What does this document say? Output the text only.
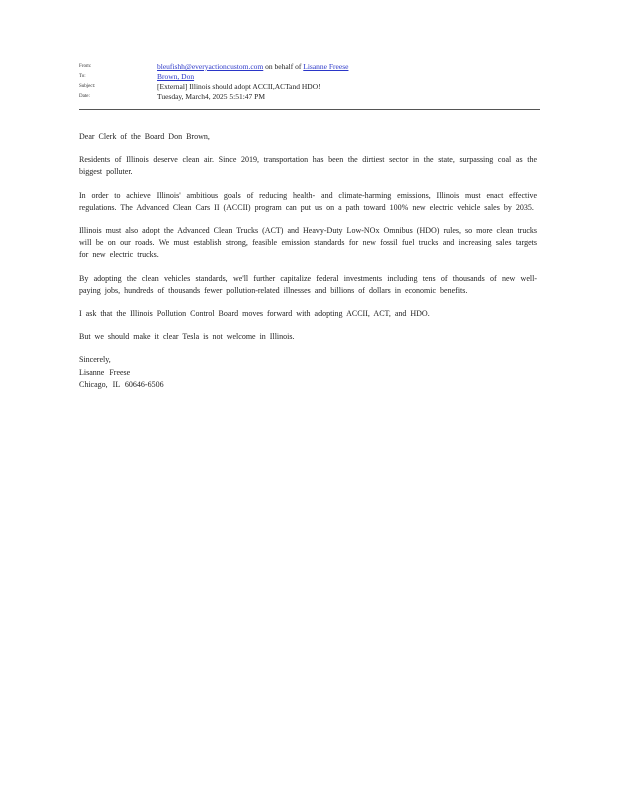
From:	bleufishh@everyactioncustom.com on behalf of Lisanne Freese
To:	Brown, Don
Subject:	[External] Illinois should adopt ACCII,ACTand HDO!
Date:	Tuesday, March4, 2025 5:51:47 PM

Dear Clerk of the Board Don Brown,

Residents of Illinois deserve clean air. Since 2019, transportation has been the dirtiest sector in the state, surpassing coal as the biggest polluter.

In order to achieve Illinois' ambitious goals of reducing health- and climate-harming emissions, Illinois must enact effective regulations. The Advanced Clean Cars II (ACCII) program can put us on a path toward 100% new electric vehicle sales by 2035.

Illinois must also adopt the Advanced Clean Trucks (ACT) and Heavy-Duty Low-NOx Omnibus (HDO) rules, so more clean trucks will be on our roads. We must establish strong, feasible emission standards for new fossil fuel trucks and increasing sales targets for new electric trucks.

By adopting the clean vehicles standards, we'll further capitalize federal investments including tens of thousands of new well-paying jobs, hundreds of thousands fewer pollution-related illnesses and billions of dollars in economic benefits.

I ask that the Illinois Pollution Control Board moves forward with adopting ACCII, ACT, and HDO.

But we should make it clear Tesla is not welcome in Illinois.

Sincerely,
Lisanne Freese
Chicago, IL 60646-6506
